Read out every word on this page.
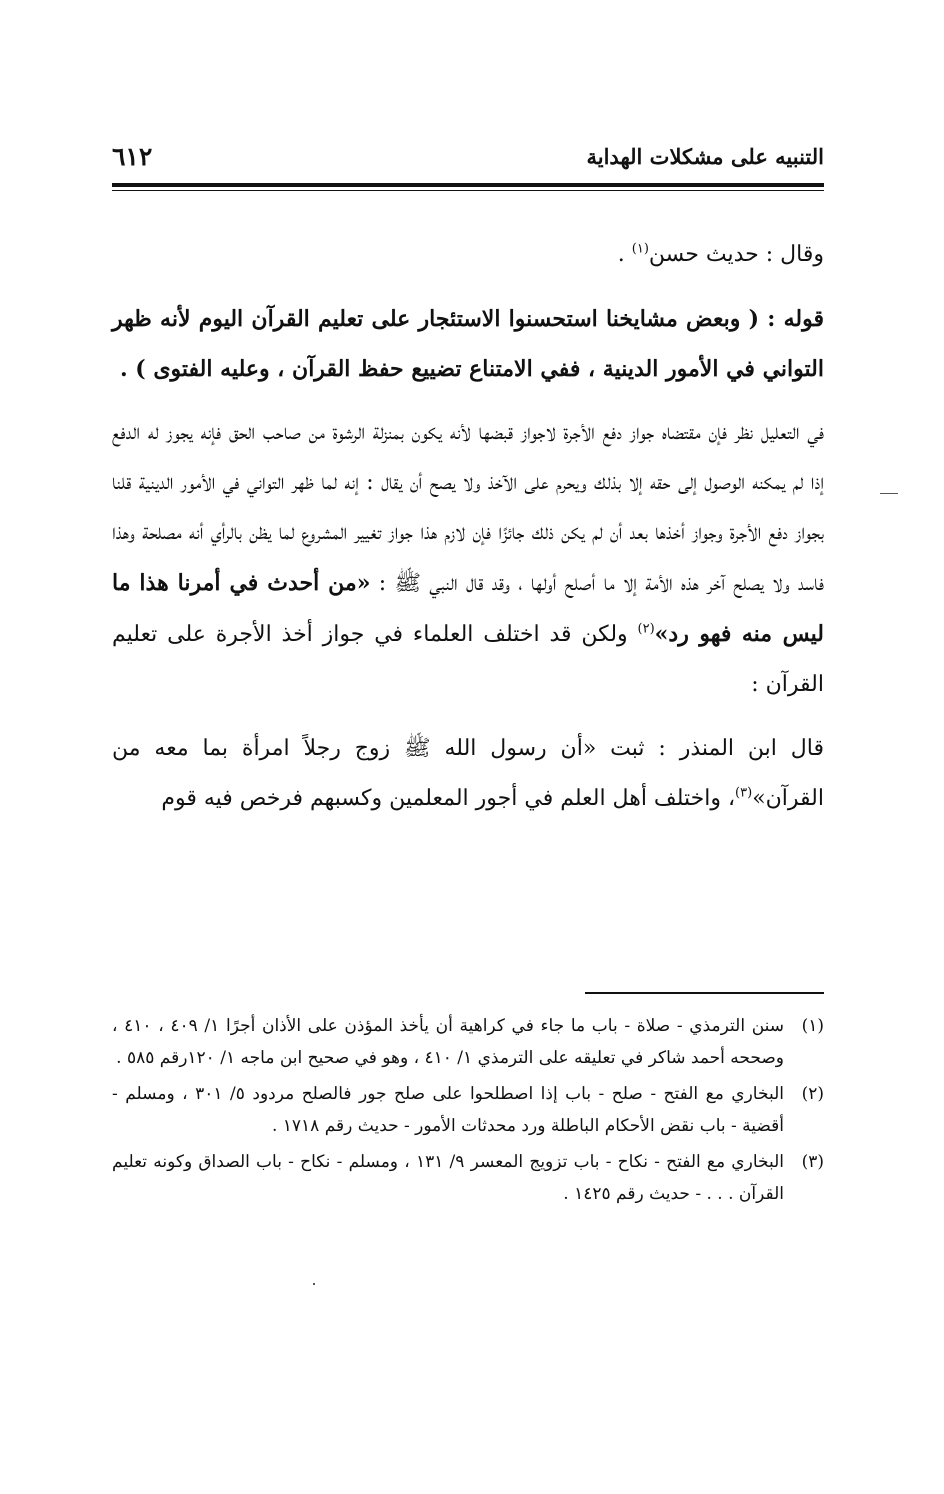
التنبيه على مشكلات الهداية
٦١٢

وقال : حديث حسن$^{(١)}$ .

قوله : ( وبعض مشايخنا استحسنوا الاستئجار على تعليم القرآن اليوم لأنه ظهر التواني في الأمور الدينية ، ففي الامتناع تضييع حفظ القرآن ، وعليه الفتوى ) .

في التعليل نظر فإن مقتضاه جواز دفع الأجرة لاجواز قبضها لأنه يكون بمنزلة الرشوة من صاحب الحق فإنه يجوز له الدفع إذا لم يمكنه الوصول إلى حقه إلا بذلك ويحرم على الآخذ ولا يصح أن يقال : إنه لما ظهر التواني في الأمور الدينية قلنا بجواز دفع الأجرة وجواز أخذها بعد أن لم يكن ذلك جائزًا فإن لازم هذا جواز تغيير المشروع لما يظن بالرأي أنه مصلحة وهذا فاسد ولا يصلح آخر هذه الأمة إلا ما أصلح أولها ، وقد قال النبي ﷺ : «من أحدث في أمرنا هذا ما ليس منه فهو رد»$^{(٢)}$ ولكن قد اختلف العلماء في جواز أخذ الأجرة على تعليم القرآن :

قال ابن المنذر : ثبت «أن رسول الله ﷺ زوج رجلاً امرأة بما معه من القرآن»$^{(٣)}$، واختلف أهل العلم في أجور المعلمين وكسبهم فرخص فيه قوم

(١)
سنن الترمذي - صلاة - باب ما جاء في كراهية أن يأخذ المؤذن على الأذان أجرًا ١/ ٤٠٩ ، ٤١٠ ، وصححه أحمد شاكر في تعليقه على الترمذي ١/ ٤١٠ ، وهو في صحيح ابن ماجه ١/ ١٢٠رقم ٥٨٥ .
(٢)
البخاري مع الفتح - صلح - باب إذا اصطلحوا على صلح جور فالصلح مردود ٥/ ٣٠١ ، ومسلم - أقضية - باب نقض الأحكام الباطلة ورد محدثات الأمور - حديث رقم ١٧١٨ .
(٣)
البخاري مع الفتح - نكاح - باب تزويج المعسر ٩/ ١٣١ ، ومسلم - نكاح - باب الصداق وكونه تعليم القرآن . . . - حديث رقم ١٤٢٥ .
